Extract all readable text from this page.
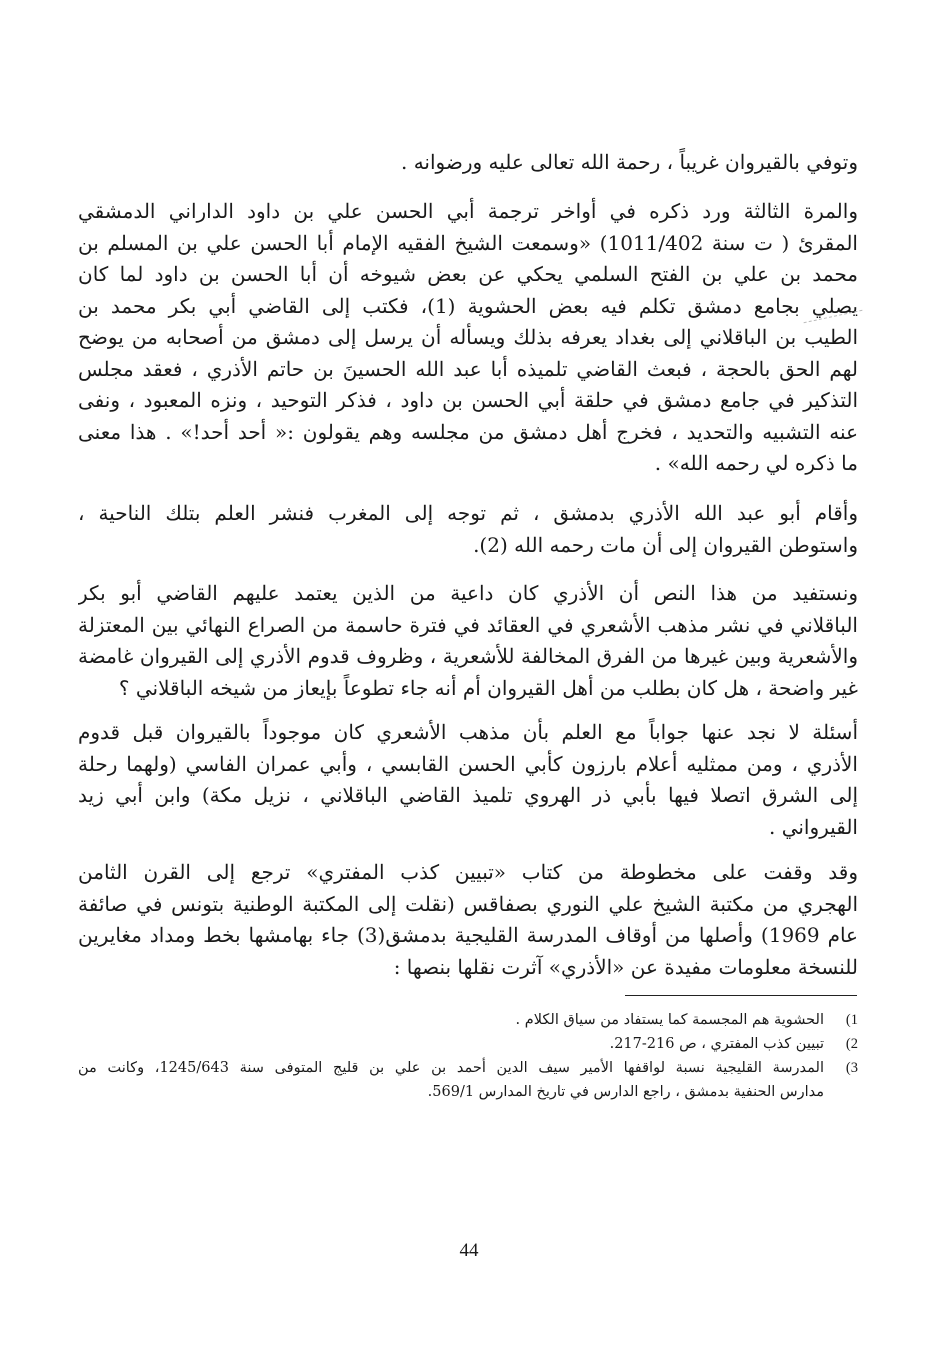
وتوفي بالقيروان غريباً ، رحمة الله تعالى عليه ورضوانه .
والمرة الثالثة ورد ذكره في أواخر ترجمة أبي الحسن علي بن داود الداراني الدمشقي
المقرئ ( ت سنة 1011/402) «وسمعت الشيخ الفقيه الإمام أبا الحسن علي بن المسلم بن
محمد بن علي بن الفتح السلمي يحكي عن بعض شيوخه أن أبا الحسن بن داود لما كان
يصلي بجامع دمشق تكلم فيه بعض الحشوية (1)، فكتب إلى القاضي أبي بكر محمد بن
الطيب بن الباقلاني إلى بغداد يعرفه بذلك ويسأله أن يرسل إلى دمشق من أصحابه من يوضح
لهم الحق بالحجة ، فبعث القاضي تلميذه أبا عبد الله الحسينَ بن حاتم الأذري ، فعقد مجلس
التذكير في جامع دمشق في حلقة أبي الحسن بن داود ، فذكر التوحيد ، ونزه المعبود ، ونفى
عنه التشبيه والتحديد ، فخرج أهل دمشق من مجلسه وهم يقولون :« أحد أحد!» . هذا معنى
ما ذكره لي رحمه الله» .
وأقام أبو عبد الله الأذري بدمشق ، ثم توجه إلى المغرب فنشر العلم بتلك الناحية ،
واستوطن القيروان إلى أن مات رحمه الله (2).
ونستفيد من هذا النص أن الأذري كان داعية من الذين يعتمد عليهم القاضي أبو بكر
الباقلاني في نشر مذهب الأشعري في العقائد في فترة حاسمة من الصراع النهائي بين المعتزلة
والأشعرية وبين غيرها من الفرق المخالفة للأشعرية ، وظروف قدوم الأذري إلى القيروان غامضة
غير واضحة ، هل كان بطلب من أهل القيروان أم أنه جاء تطوعاً بإيعاز من شيخه الباقلاني ؟
أسئلة لا نجد عنها جواباً مع العلم بأن مذهب الأشعري كان موجوداً بالقيروان قبل قدوم
الأذري ، ومن ممثليه أعلام بارزون كأبي الحسن القابسي ، وأبي عمران الفاسي (ولهما رحلة
إلى الشرق اتصلا فيها بأبي ذر الهروي تلميذ القاضي الباقلاني ، نزيل مكة) وابن أبي زيد
القيرواني .
وقد وقفت على مخطوطة من كتاب «تبيين كذب المفتري» ترجع إلى القرن الثامن
الهجري من مكتبة الشيخ علي النوري بصفاقس (نقلت إلى المكتبة الوطنية بتونس في صائفة
عام 1969) وأصلها من أوقاف المدرسة القليجية بدمشق(3) جاء بهامشها بخط ومداد مغايرين
للنسخة معلومات مفيدة عن «الأذري» آثرت نقلها بنصها :
1)
الحشوية هم المجسمة كما يستفاد من سياق الكلام .
2)
تبيين كذب المفتري ، ص 216-217.
3)
المدرسة القليجية نسبة لواقفها الأمير سيف الدين أحمد بن علي بن قليج المتوفى سنة 1245/643، وكانت من
مدارس الحنفية بدمشق ، راجع الدارس في تاريخ المدارس 569/1.
44
